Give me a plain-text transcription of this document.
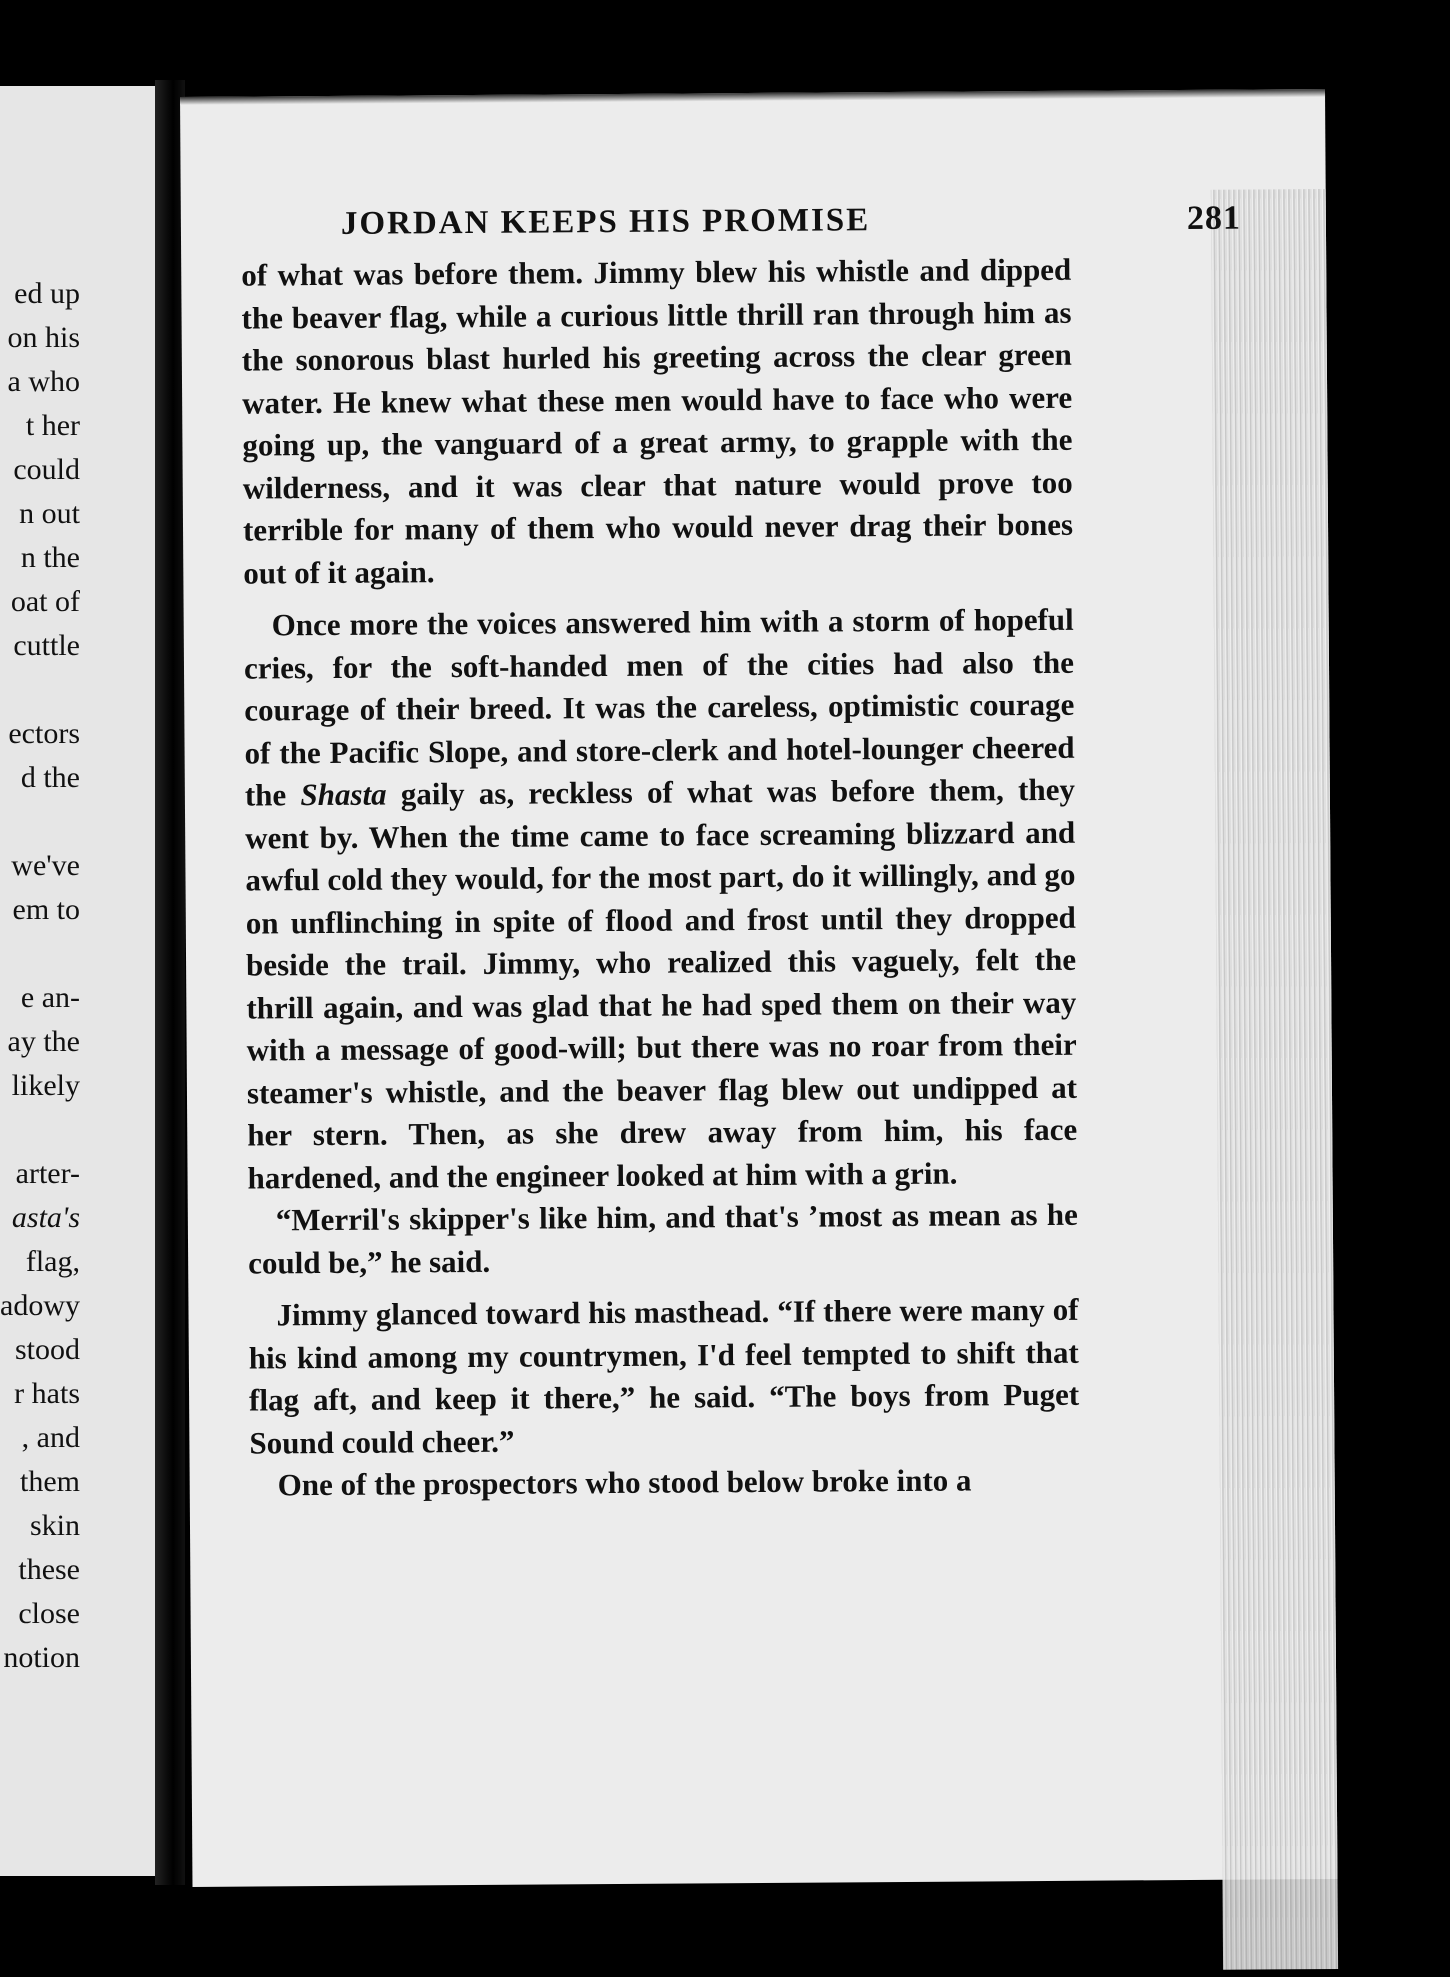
ed up
on his
a who
t her
could
n out
n the
oat of
cuttle
ectors
d the
we've
em to
e an-
ay the
likely
arter-
asta's
flag,
adowy
stood
r hats
, and
them
skin
these
close
notion
JORDAN KEEPS HIS PROMISE	281

of what was before them. Jimmy blew his whistle and dipped the beaver flag, while a curious little thrill ran through him as the sonorous blast hurled his greeting across the clear green water. He knew what these men would have to face who were going up, the vanguard of a great army, to grapple with the wilderness, and it was clear that nature would prove too terrible for many of them who would never drag their bones out of it again.

Once more the voices answered him with a storm of hopeful cries, for the soft-handed men of the cities had also the courage of their breed. It was the careless, optimistic courage of the Pacific Slope, and store-clerk and hotel-lounger cheered the Shasta gaily as, reckless of what was before them, they went by. When the time came to face screaming blizzard and awful cold they would, for the most part, do it willingly, and go on unflinching in spite of flood and frost until they dropped beside the trail. Jimmy, who realized this vaguely, felt the thrill again, and was glad that he had sped them on their way with a message of good-will; but there was no roar from their steamer's whistle, and the beaver flag blew out undipped at her stern. Then, as she drew away from him, his face hardened, and the engineer looked at him with a grin.

“Merril's skipper's like him, and that's ’most as mean as he could be,” he said.

Jimmy glanced toward his masthead. “If there were many of his kind among my countrymen, I'd feel tempted to shift that flag aft, and keep it there,” he said. “The boys from Puget Sound could cheer.”

One of the prospectors who stood below broke into a
